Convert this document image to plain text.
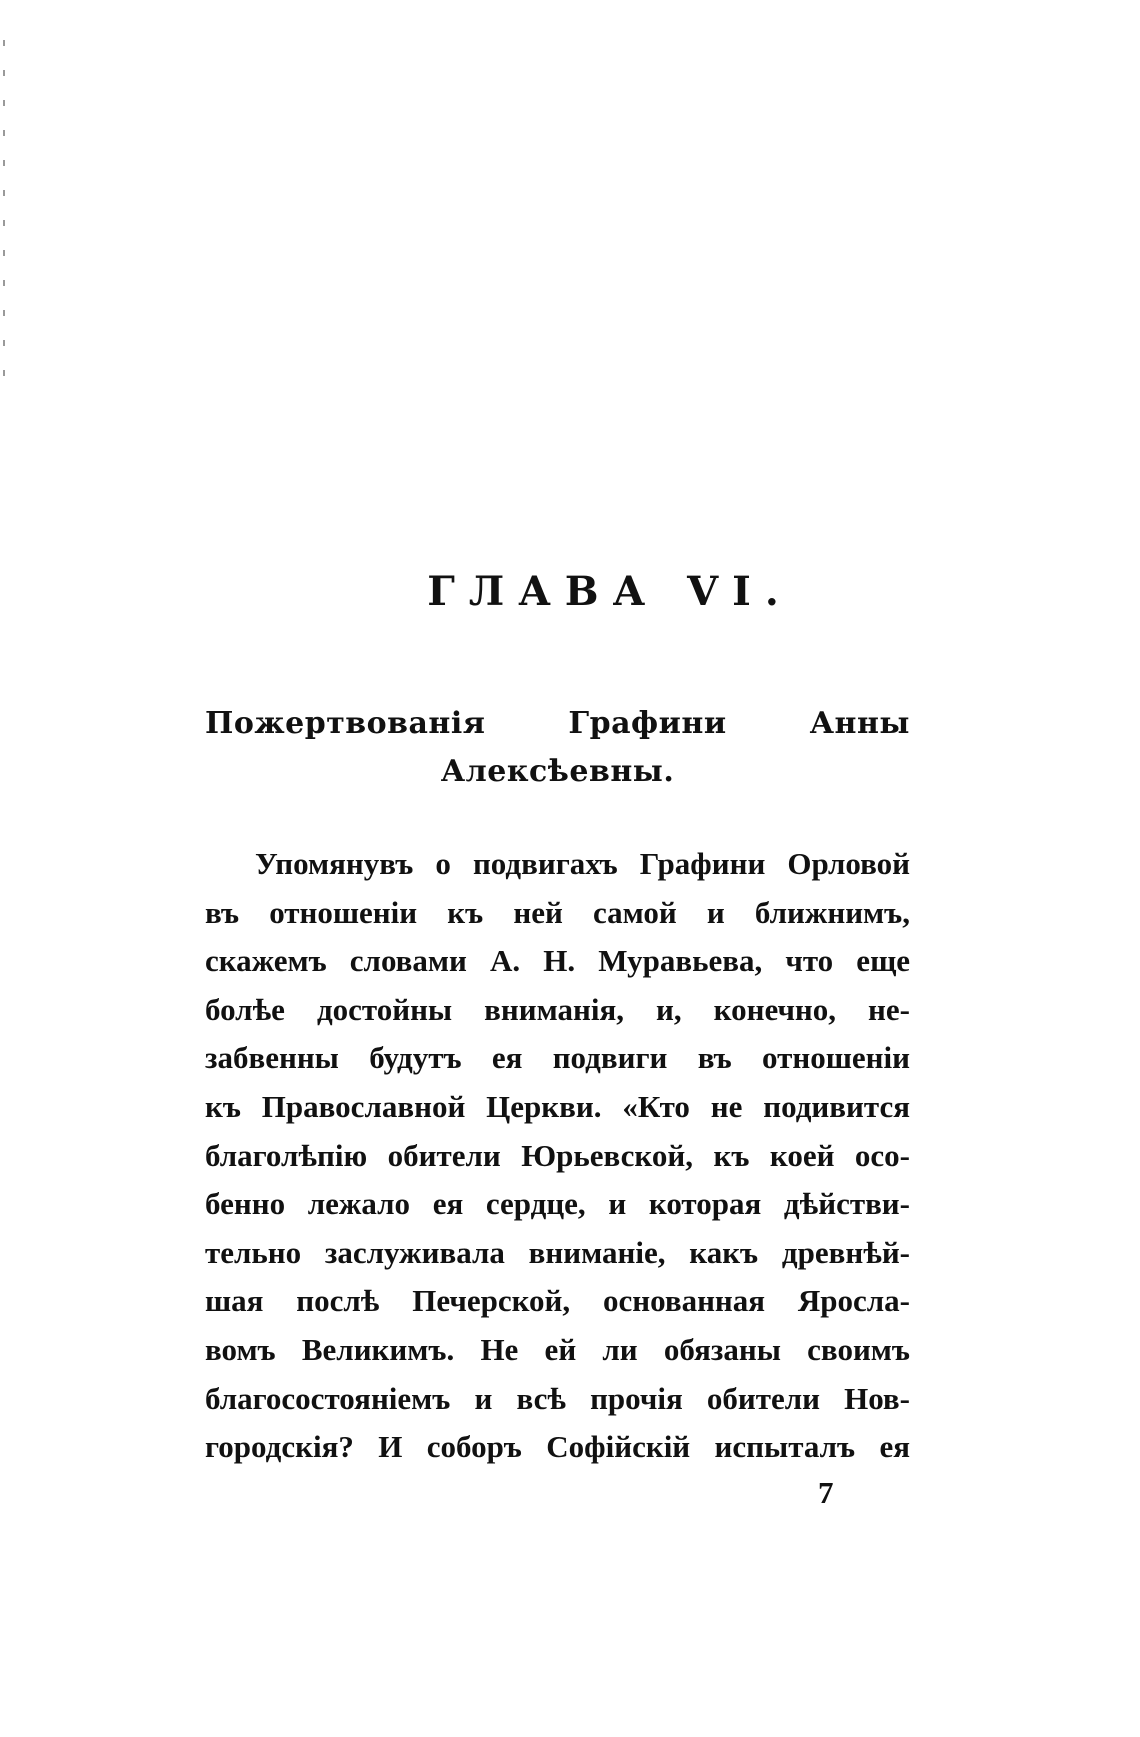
ГЛАВА VI.
Пожертвованія Графини Анны Алексѣевны.
Упомянувъ о подвигахъ Графини Орловой
въ отношеніи къ ней самой и ближнимъ,
скажемъ словами А. Н. Муравьева, что еще
болѣе достойны вниманія, и, конечно, не-
забвенны будутъ ея подвиги въ отношеніи
къ Православной Церкви. «Кто не подивится
благолѣпію обители Юрьевской, къ коей осо-
бенно лежало ея сердце, и которая дѣйстви-
тельно заслуживала вниманіе, какъ древнѣй-
шая послѣ Печерской, основанная Яросла-
вомъ Великимъ. Не ей ли обязаны своимъ
благосостояніемъ и всѣ прочія обители Нов-
городскія? И соборъ Софійскій испыталъ ея
7
